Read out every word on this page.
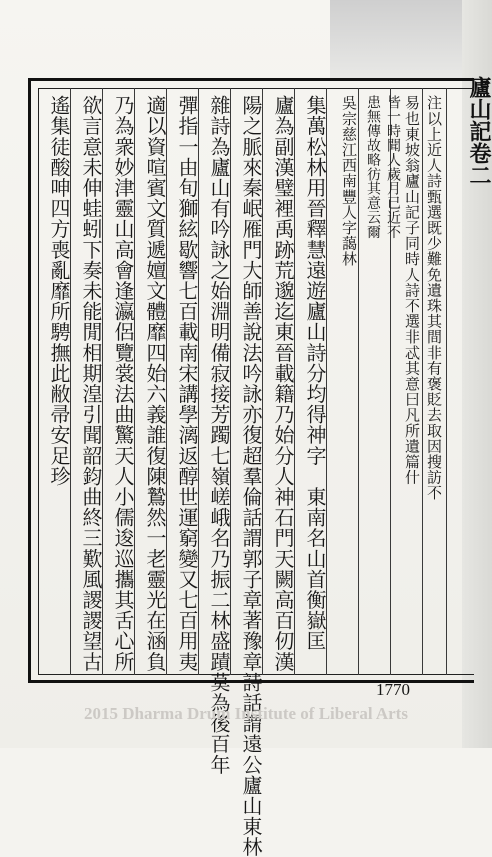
廬山記卷二
注以上近人詩甄選既少難免遺珠其間非有褒貶去取因搜訪不
易也東坡翁廬山記子同時人詩不選非忒其意曰凡所遺篇什
皆一時聞人歲月已近不
患無傳故略彷其意云爾
吳宗慈江西南豐人字藹林
集萬松林用晉釋慧遠遊廬山詩分均得神字　東南名山首衡嶽匡
廬為副漢璧裡禹跡荒邈迄東晉載籍乃始分人神石門天闕高百仞漢
陽之脈來秦岷雁門大師善說法吟詠亦復超羣倫話謂郭子章著豫章詩話謂遠公廬山東林
雜詩為廬山有吟詠之始淵明備寂接芳躅七嶺嵯峨名乃振二林盛蹟莫為後百年
彈指一由旬獅絃歇響七百載南宋講學漓返醇世運窮變又七百用夷
適以資喧賓文質遞嬗文體靡四始六義誰復陳鷙然一老靈光在涵負
乃為衆妙津靈山高會逢瀛侶覽裳法曲驚天人小儒逡巡攜其舌心所
欲言意未伸蛙蚓下奏未能閒相期湟引聞韶鈞曲終三歎風謖謖望古
遙集徒酸呻四方喪亂靡所騁撫此敝帚安足珍
1770
2015 Dharma Drum Institute of Liberal Arts
